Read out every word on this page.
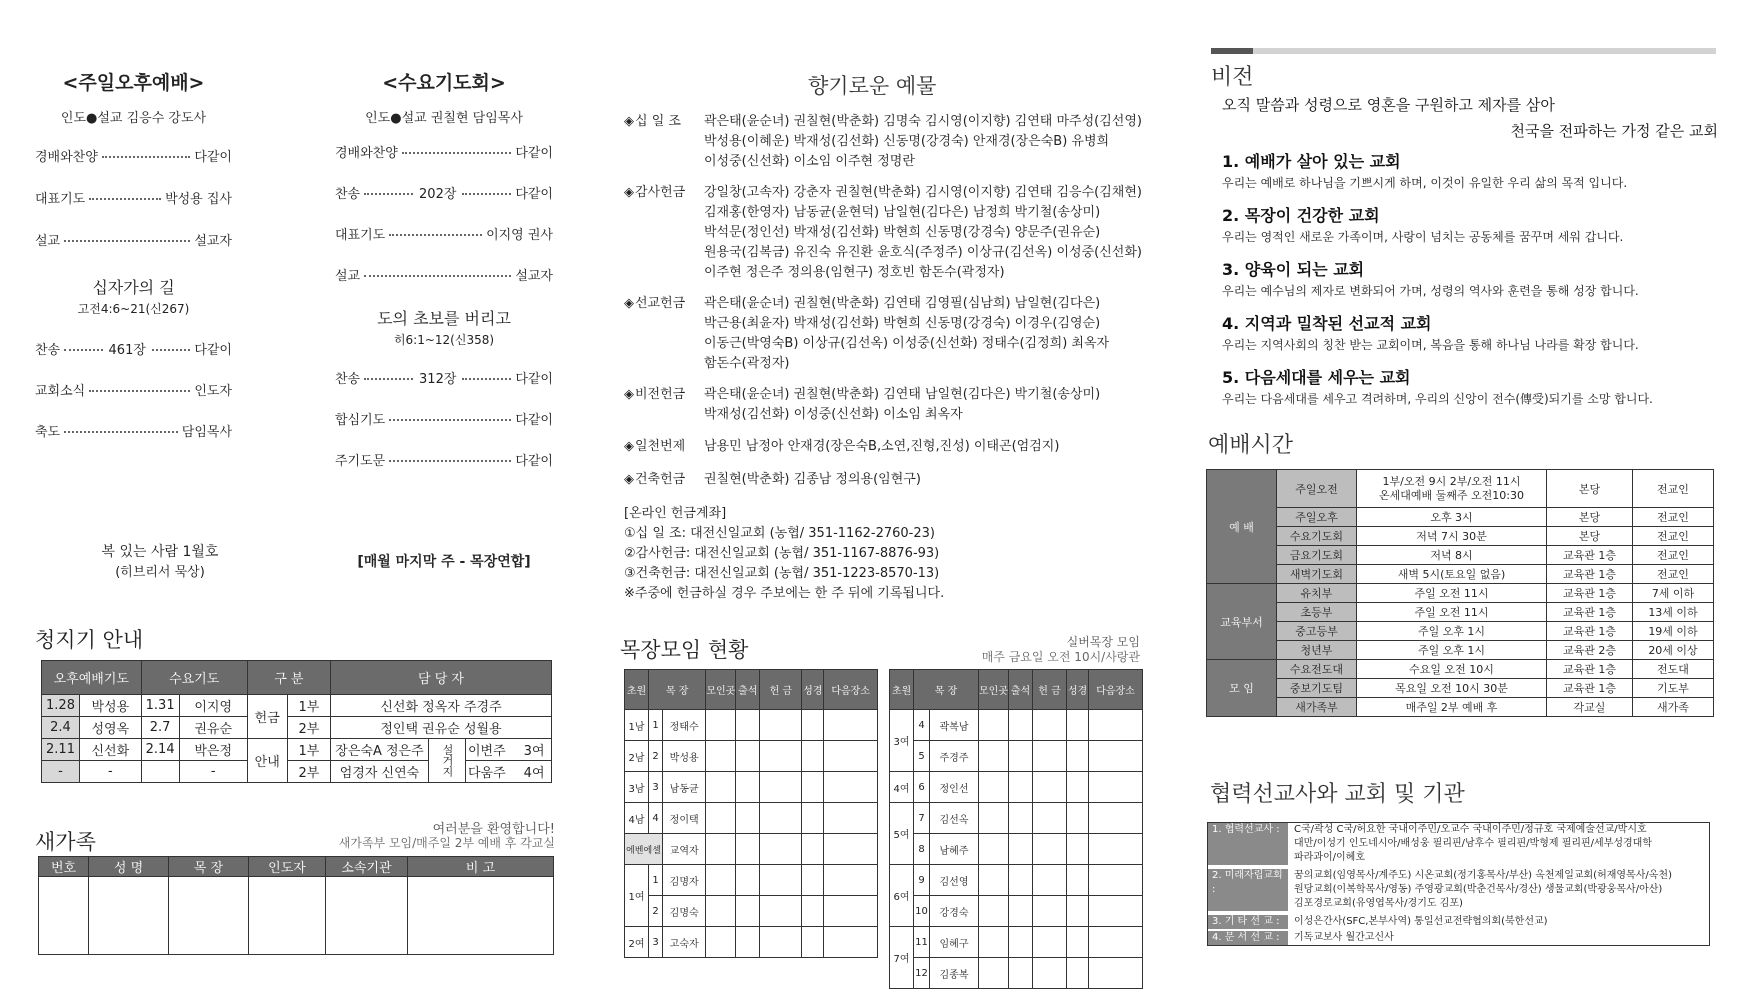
<주일오후예배>
인도●설교 김응수 강도사
경배와찬양	다같이
대표기도	박성용 집사
설교	설교자
십자가의 길
고전4:6~21(신267)
찬송	461장	다같이
교회소식	인도자
축도	담임목사
복 있는 사람 1월호
(히브리서 묵상)
<수요기도회>
인도●설교 권칠현 담임목사
경배와찬양	다같이
찬송	202장	다같이
대표기도	이지영 권사
설교	설교자
도의 초보를 버리고
히6:1~12(신358)
찬송	312장	다같이
합심기도	다같이
주기도문	다같이
[매월 마지막 주 - 목장연합]
청지기 안내
오후예배기도		수요기도		구 분		담 당 자		
1.28	박성용	1.31	이지영	헌금	1부	신선화 정옥자 주경주		
2.4	성영옥	2.7	권유순		2부	정인택 권유순 성월용		
2.11	신선화	2.14	박은정	안내	1부	장은숙A 정은주	설거지	이변주 3여
-	-		-		2부	엄경자 신연숙		다움주 4여
새가족
여러분을 환영합니다!
새가족부 모임/매주일 2부 예배 후 각교실
번호	성 명	목 장	인도자	소속기관	비 고

향기로운 예물
◈ 십 일 조	곽은태(윤순녀) 권칠현(박춘화) 김명숙 김시영(이지향) 김연태 마주성(김선영)
박성용(이혜운) 박재성(김선화) 신동명(강경숙) 안재경(장은숙B) 유병희
이성중(신선화) 이소임 이주현 정명란
◈ 감사헌금	강일창(고속자) 강춘자 권칠현(박춘화) 김시영(이지향) 김연태 김응수(김채현)
김재홍(한영자) 남동균(윤현덕) 남일현(김다은) 남정희 박기철(송상미)
박석문(정인선) 박재성(김선화) 박현희 신동명(강경숙) 양문주(권유순)
원용국(김복금) 유진숙 유진환 윤호식(주정주) 이상규(김선옥) 이성중(신선화)
이주현 정은주 정의용(임현구) 정호빈 함돈수(곽정자)
◈ 선교헌금	곽은태(윤순녀) 권칠현(박춘화) 김연태 김영필(심남희) 남일현(김다은)
박근용(최윤자) 박재성(김선화) 박현희 신동명(강경숙) 이경우(김영순)
이동근(박영숙B) 이상규(김선옥) 이성중(신선화) 정태수(김정희) 최옥자
함돈수(곽정자)
◈ 비전헌금	곽은태(윤순녀) 권칠현(박춘화) 김연태 남일현(김다은) 박기철(송상미)
박재성(김선화) 이성중(신선화) 이소임 최옥자
◈ 일천번제	남용민 남정아 안재경(장은숙B,소연,진형,진성) 이태곤(엄검지)
◈ 건축헌금	권칠현(박춘화) 김종남 정의용(임현구)
[온라인 헌금계좌]
①십 일 조: 대전신일교회 (농협/ 351-1162-2760-23)
②감사헌금: 대전신일교회 (농협/ 351-1167-8876-93)
③건축헌금: 대전신일교회 (농협/ 351-1223-8570-13)
※주중에 헌금하실 경우 주보에는 한 주 뒤에 기록됩니다.
목장모임 현황	실버목장 모임
매주 금요일 오전 10시/사랑관
초원	목 장		모인곳	출석	헌 금	성경	다음장소
1남	1	정태수					
2남	2	박성용					
3남	3	남동균					
4남	4	정이택					
에벤에셀		교역자					
1여	1	김명자					
	2	김명숙					
2여	3	고숙자					
초원	목 장		모인곳	출석	헌 금	성경	다음장소
3여	4	곽복남					
	5	주경주					
4여	6	정인선					
5여	7	김선옥					
	8	남혜주					
6여	9	김선영					
	10	강경숙					
7여	11	임혜구					
	12	김종복					
비전
오직 말씀과 성령으로 영혼을 구원하고 제자를 삼아
천국을 전파하는 가정 같은 교회
1. 예배가 살아 있는 교회

우리는 예배로 하나님을 기쁘시게 하며, 이것이 유일한 우리 삶의 목적 입니다.

2. 목장이 건강한 교회

우리는 영적인 새로운 가족이며, 사랑이 넘치는 공동체를 꿈꾸며 세워 갑니다.

3. 양육이 되는 교회

우리는 예수님의 제자로 변화되어 가며, 성령의 역사와 훈련을 통해 성장 합니다.

4. 지역과 밀착된 선교적 교회

우리는 지역사회의 칭찬 받는 교회이며, 복음을 통해 하나님 나라를 확장 합니다.

5. 다음세대를 세우는 교회

우리는 다음세대를 세우고 격려하며, 우리의 신앙이 전수(傳受)되기를 소망 합니다.

예배시간
예 배	주일오전	1부/오전 9시 2부/오전 11시
온세대예배 둘째주 오전10:30	본당	전교인
	주일오후	오후 3시	본당	전교인
	수요기도회	저녁 7시 30분	본당	전교인
	금요기도회	저녁 8시	교육관 1층	전교인
	새벽기도회	새벽 5시(토요일 없음)	교육관 1층	전교인
교육부서	유치부	주일 오전 11시	교육관 1층	7세 이하
	초등부	주일 오전 11시	교육관 1층	13세 이하
	중고등부	주일 오후 1시	교육관 1층	19세 이하
	청년부	주일 오후 1시	교육관 2층	20세 이상
모 임	수요전도대	수요일 오전 10시	교육관 1층	전도대
	중보기도팀	목요일 오전 10시 30분	교육관 1층	기도부
	새가족부	매주일 2부 예배 후	각교실	새가족
협력선교사와 교회 및 기관
1. 협력선교사 :	C국/곽성 C국/허요한 국내이주민/오교수 국내이주민/정규호 국제예술선교/박시호
대만/이성기 인도네시아/배성웅 필리핀/남후수 필리핀/박형제 필리핀/세부성경대학
파라과이/이혜호
2. 미래자립교회 :
꿈의교회(임영목사/계주도) 시온교회(정기홍목사/부산) 옥천제일교회(허재영목사/옥천)
원당교회(이복학목사/영동) 주영광교회(박춘건목사/경산) 생물교회(박광웅목사/아산)
김포경로교회(유영엽목사/경기도 김포)
3. 기 타 선 교 :	이성은간사(SFC,본부사역) 통일선교전략협의회(북한선교)
4. 문 서 선 교 :	기독교보사 월간고신사
